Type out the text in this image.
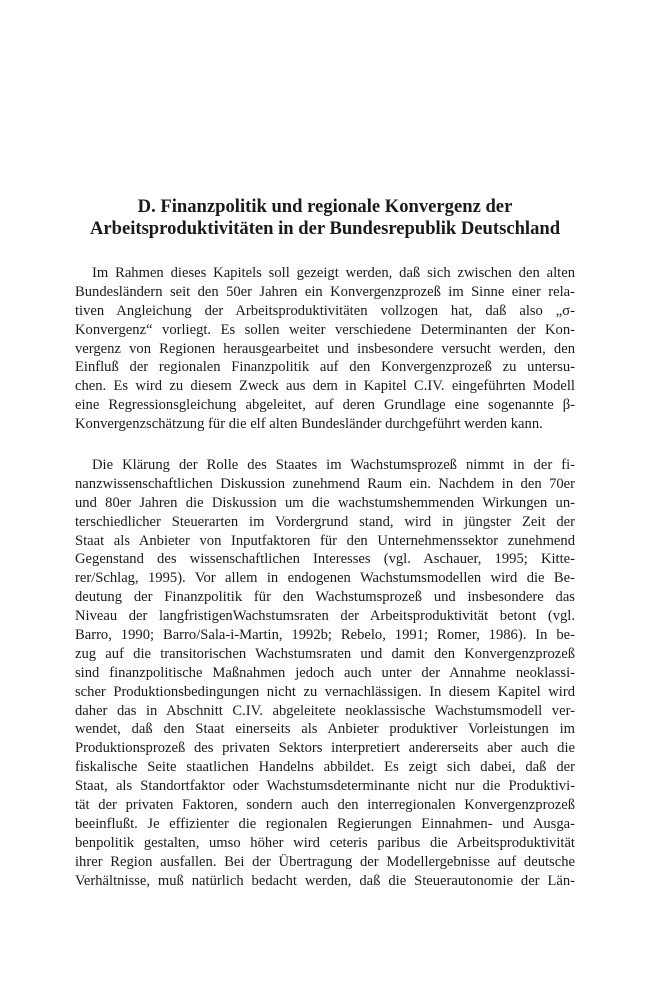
D. Finanzpolitik und regionale Konvergenz der
Arbeitsproduktivitäten in der Bundesrepublik Deutschland
Im Rahmen dieses Kapitels soll gezeigt werden, daß sich zwischen den alten
Bundesländern seit den 50er Jahren ein Konvergenzprozeß im Sinne einer rela-
tiven Angleichung der Arbeitsproduktivitäten vollzogen hat, daß also „σ-
Konvergenz“ vorliegt. Es sollen weiter verschiedene Determinanten der Kon-
vergenz von Regionen herausgearbeitet und insbesondere versucht werden, den
Einfluß der regionalen Finanzpolitik auf den Konvergenzprozeß zu untersu-
chen. Es wird zu diesem Zweck aus dem in Kapitel C.IV. eingeführten Modell
eine Regressionsgleichung abgeleitet, auf deren Grundlage eine sogenannte β-
Konvergenzschätzung für die elf alten Bundesländer durchgeführt werden kann.
Die Klärung der Rolle des Staates im Wachstumsprozeß nimmt in der fi-
nanzwissenschaftlichen Diskussion zunehmend Raum ein. Nachdem in den 70er
und 80er Jahren die Diskussion um die wachstumshemmenden Wirkungen un-
terschiedlicher Steuerarten im Vordergrund stand, wird in jüngster Zeit der
Staat als Anbieter von Inputfaktoren für den Unternehmenssektor zunehmend
Gegenstand des wissenschaftlichen Interesses (vgl. Aschauer, 1995; Kitte-
rer/Schlag, 1995). Vor allem in endogenen Wachstumsmodellen wird die Be-
deutung der Finanzpolitik für den Wachstumsprozeß und insbesondere das
Niveau der langfristigenWachstumsraten der Arbeitsproduktivität betont (vgl.
Barro, 1990; Barro/Sala-i-Martin, 1992b; Rebelo, 1991; Romer, 1986). In be-
zug auf die transitorischen Wachstumsraten und damit den Konvergenzprozeß
sind finanzpolitische Maßnahmen jedoch auch unter der Annahme neoklassi-
scher Produktionsbedingungen nicht zu vernachlässigen. In diesem Kapitel wird
daher das in Abschnitt C.IV. abgeleitete neoklassische Wachstumsmodell ver-
wendet, daß den Staat einerseits als Anbieter produktiver Vorleistungen im
Produktionsprozeß des privaten Sektors interpretiert andererseits aber auch die
fiskalische Seite staatlichen Handelns abbildet. Es zeigt sich dabei, daß der
Staat, als Standortfaktor oder Wachstumsdeterminante nicht nur die Produktivi-
tät der privaten Faktoren, sondern auch den interregionalen Konvergenzprozeß
beeinflußt. Je effizienter die regionalen Regierungen Einnahmen- und Ausga-
benpolitik gestalten, umso höher wird ceteris paribus die Arbeitsproduktivität
ihrer Region ausfallen. Bei der Übertragung der Modellergebnisse auf deutsche
Verhältnisse, muß natürlich bedacht werden, daß die Steuerautonomie der Län-
